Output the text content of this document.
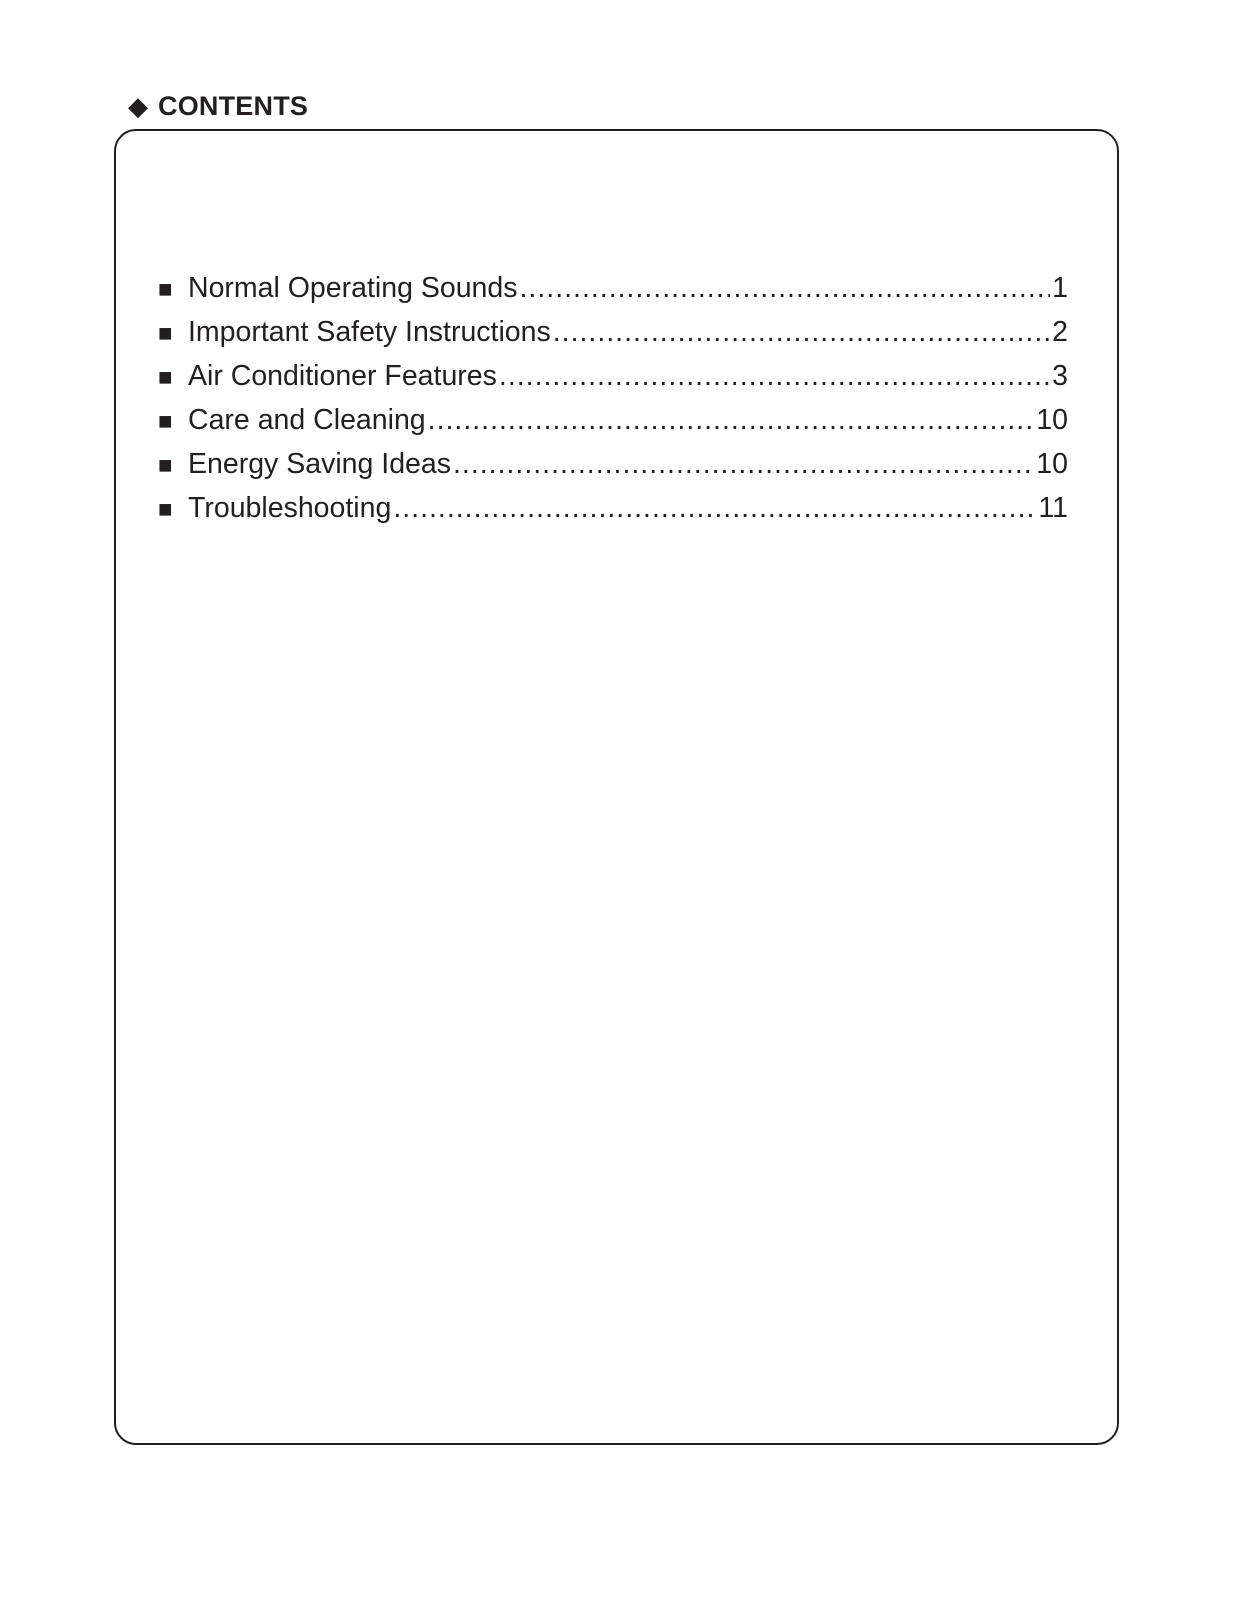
◆ CONTENTS
■ Normal Operating Sounds .....	1
■ Important Safety Instructions .....	2
■ Air Conditioner Features .....	3
■ Care and Cleaning .....	10
■ Energy Saving Ideas .....	10
■ Troubleshooting .....	11
